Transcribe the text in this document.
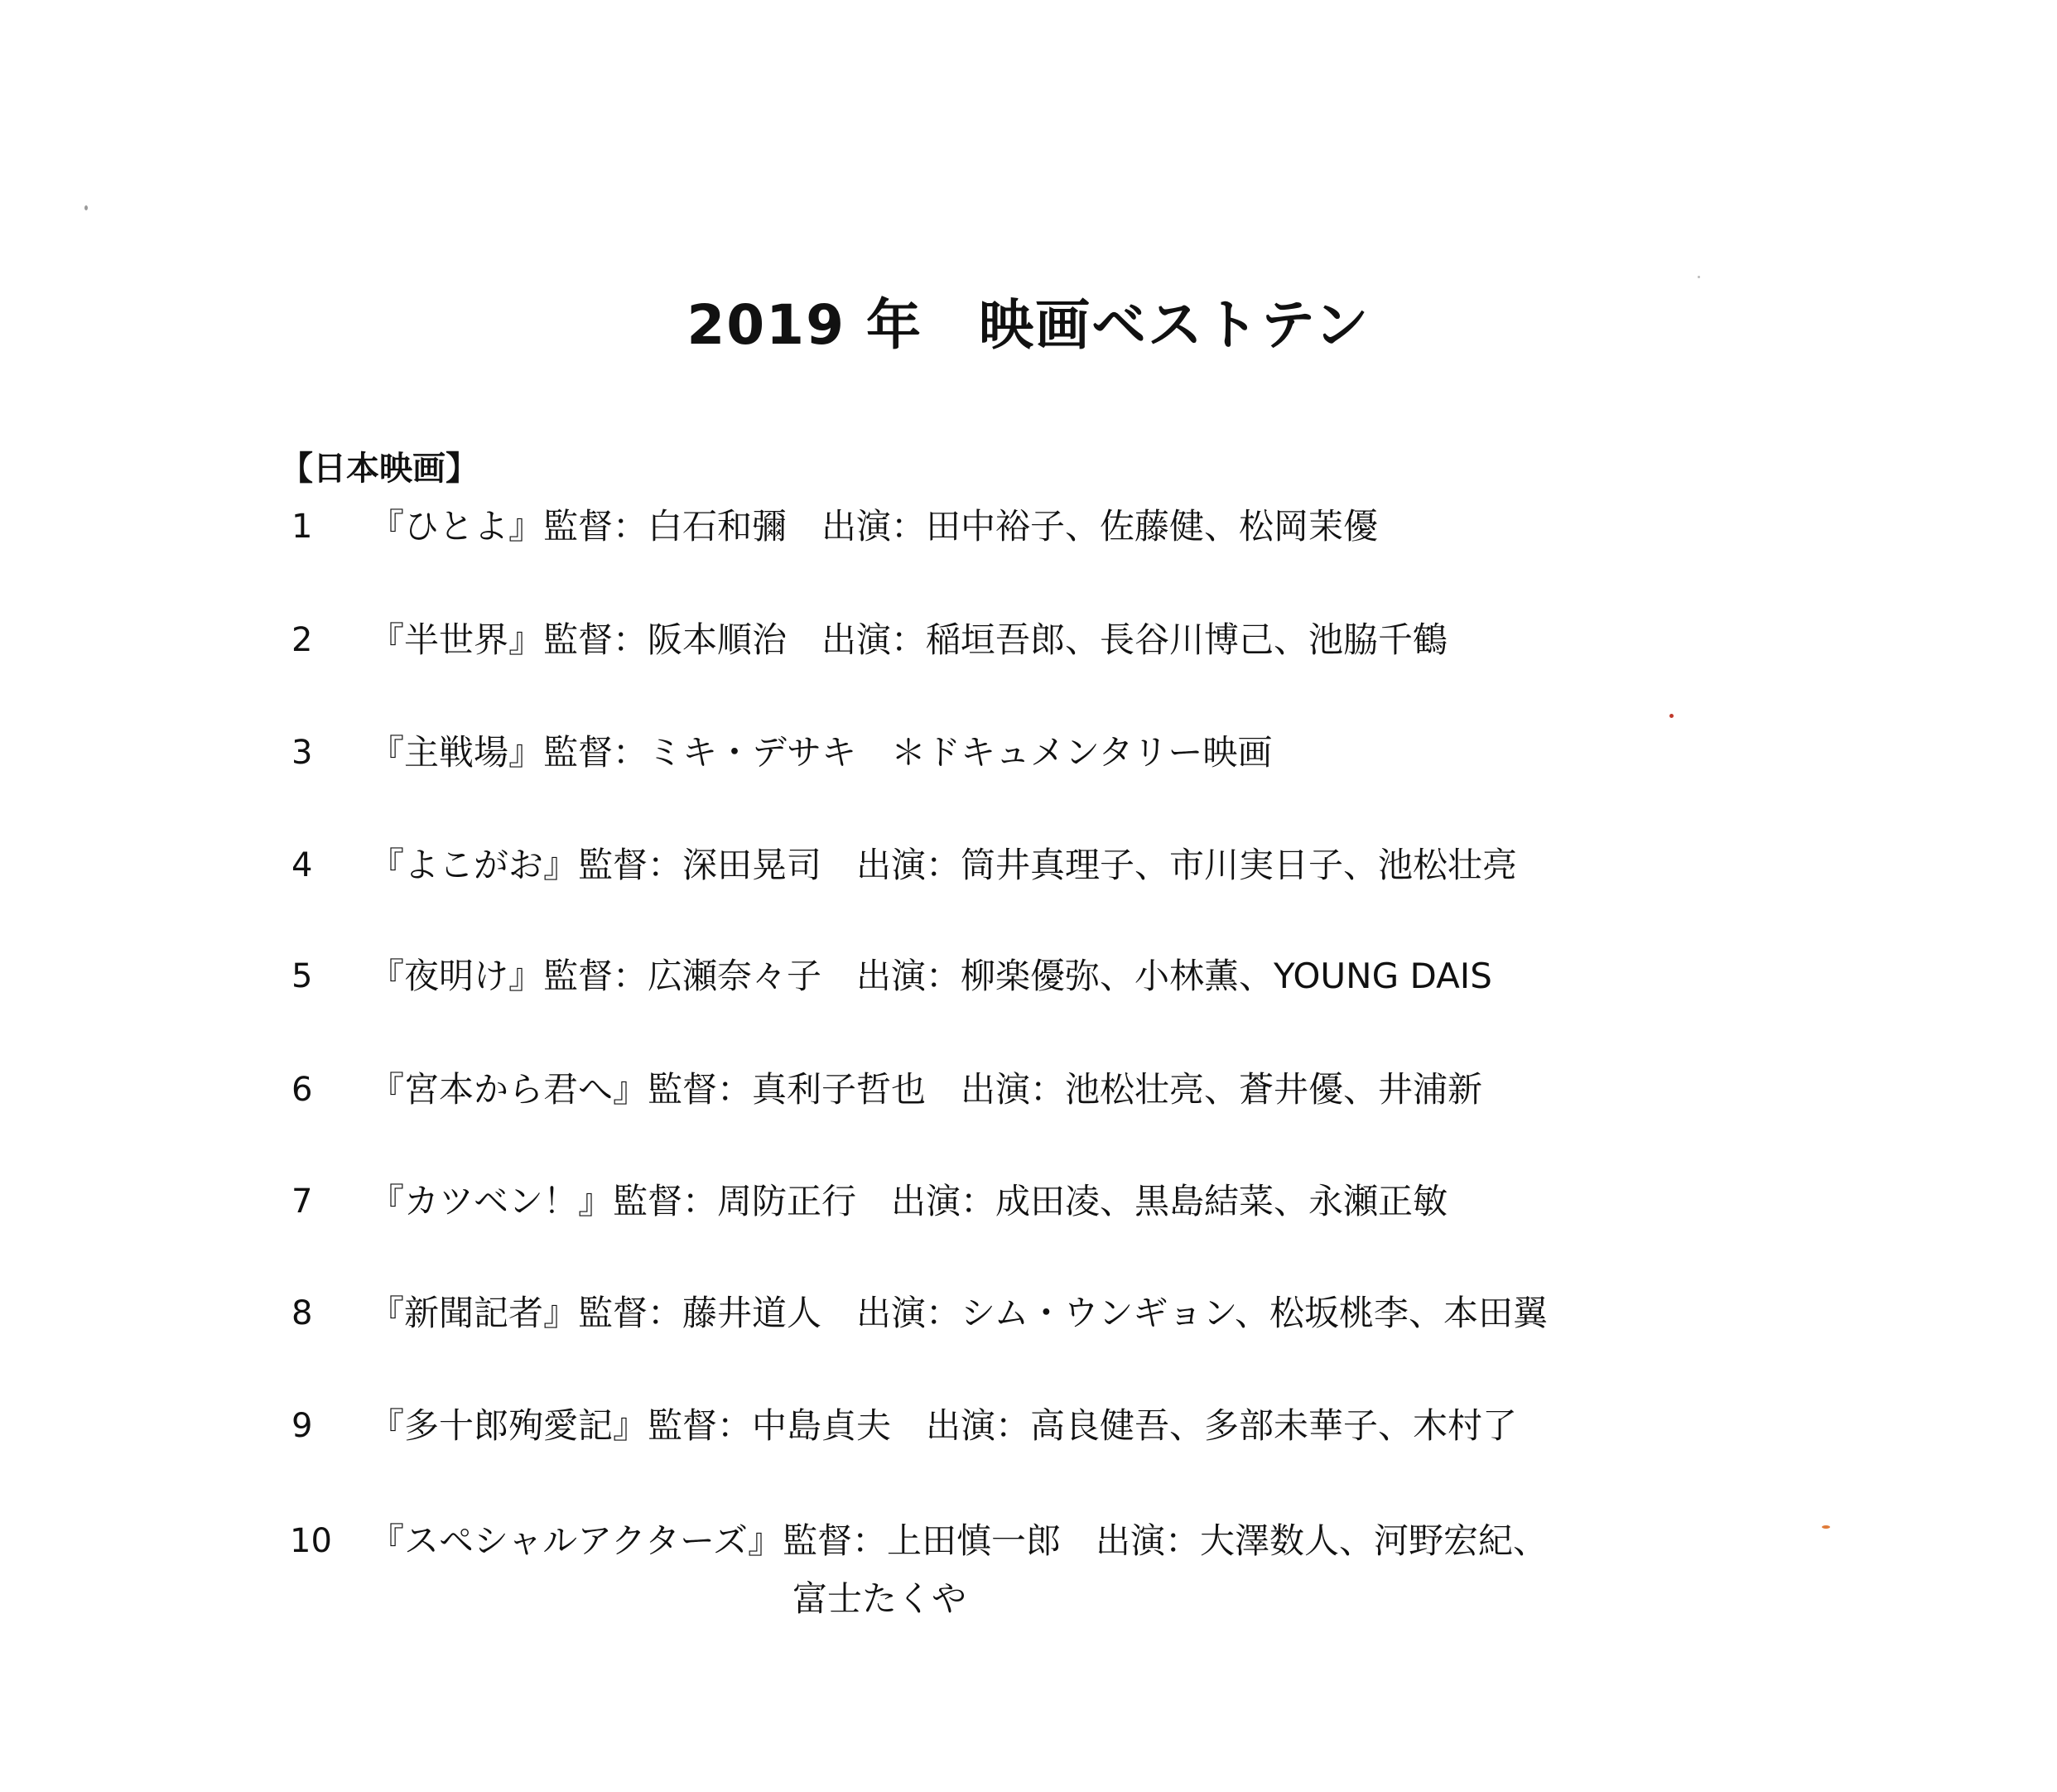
2019 年　映画ベストテン
【日本映画】
1	『ひとよ』監督：白石和彌　出演：田中裕子、佐藤健、松岡茉優
2	『半世界』監督：阪本順治　出演：稲垣吾郎、長谷川博己、池脇千鶴
3	『主戦場』監督：ミキ・デサキ　＊ドキュメンタリー映画
4	『よこがお』監督：深田晃司　出演：筒井真理子、市川実日子、池松壮亮
5	『夜明け』監督：広瀬奈々子　出演：柳楽優弥、小林薫、YOUNG DAIS
6	『宮本から君へ』監督：真利子哲也　出演：池松壮亮、蒼井優、井浦新
7	『カツベン！』監督：周防正行　出演：成田凌、黒島結菜、永瀬正敏
8	『新聞記者』監督：藤井道人　出演：シム・ウンギョン、松坂桃李、本田翼
9	『多十郎殉愛記』監督：中島貞夫　出演：高良健吾、多部未華子、木村了
10 『スペシャルアクターズ』監督：上田慎一郎　出演：大澤数人、河野宏紀、
富士たくや
